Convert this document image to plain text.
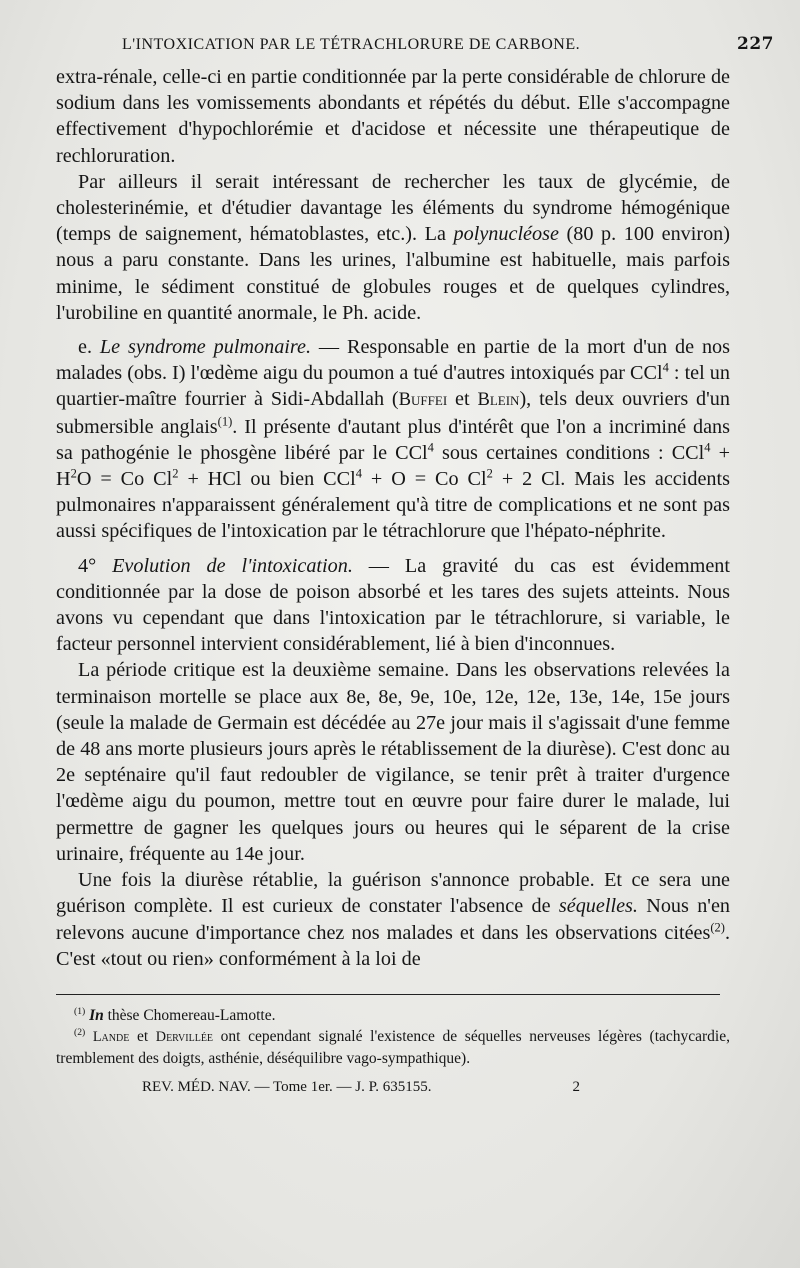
L'INTOXICATION PAR LE TÉTRACHLORURE DE CARBONE.	227

extra-rénale, celle-ci en partie conditionnée par la perte considérable de chlorure de sodium dans les vomissements abondants et répétés du début. Elle s'accompagne effectivement d'hypochlorémie et d'acidose et nécessite une thérapeutique de rechloruration.

Par ailleurs il serait intéressant de rechercher les taux de glycémie, de cholesterinémie, et d'étudier davantage les éléments du syndrome hémogénique (temps de saignement, hématoblastes, etc.). La polynucléose (80 p. 100 environ) nous a paru constante. Dans les urines, l'albumine est habituelle, mais parfois minime, le sédiment constitué de globules rouges et de quelques cylindres, l'urobiline en quantité anormale, le Ph. acide.

e. Le syndrome pulmonaire. — Responsable en partie de la mort d'un de nos malades (obs. I) l'œdème aigu du poumon a tué d'autres intoxiqués par CCl$^4$ : tel un quartier-maître fourrier à Sidi-Abdallah (Buffei et Blein), tels deux ouvriers d'un submersible anglais$^{(1)}$. Il présente d'autant plus d'intérêt que l'on a incriminé dans sa pathogénie le phosgène libéré par le CCl$^4$ sous certaines conditions : $CCl^4 + H^2O = Co$ $Cl^2$ + HCl ou bien CCl$^4$ + O = Co $Cl^2 + 2$ Cl. Mais les accidents pulmonaires n'apparaissent généralement qu'à titre de complications et ne sont pas aussi spécifiques de l'intoxication par le tétrachlorure que l'hépato-néphrite.

4° Evolution de l'intoxication. — La gravité du cas est évidemment conditionnée par la dose de poison absorbé et les tares des sujets atteints. Nous avons vu cependant que dans l'intoxication par le tétrachlorure, si variable, le facteur personnel intervient considérablement, lié à bien d'inconnues.

La période critique est la deuxième semaine. Dans les observations relevées la terminaison mortelle se place aux 8e, 8e, 9e, 10e, 12e, 12e, 13e, 14e, 15e jours (seule la malade de Germain est décédée au 27e jour mais il s'agissait d'une femme de 48 ans morte plusieurs jours après le rétablissement de la diurèse). C'est donc au 2e septénaire qu'il faut redoubler de vigilance, se tenir prêt à traiter d'urgence l'œdème aigu du poumon, mettre tout en œuvre pour faire durer le malade, lui permettre de gagner les quelques jours ou heures qui le séparent de la crise urinaire, fréquente au 14e jour.

Une fois la diurèse rétablie, la guérison s'annonce probable. Et ce sera une guérison complète. Il est curieux de constater l'absence de séquelles. Nous n'en relevons aucune d'importance chez nos malades et dans les observations citées$^{(2)}$. C'est «tout ou rien» conformément à la loi de

$^{(1)}$ In thèse Chomereau-Lamotte.

$^{(2)}$ Lande et Dervillée ont cependant signalé l'existence de séquelles nerveuses légères (tachycardie, tremblement des doigts, asthénie, déséquilibre vago-sympathique).

REV. MÉD. NAV. — Tome 1er. — J. P. 635155.	2
